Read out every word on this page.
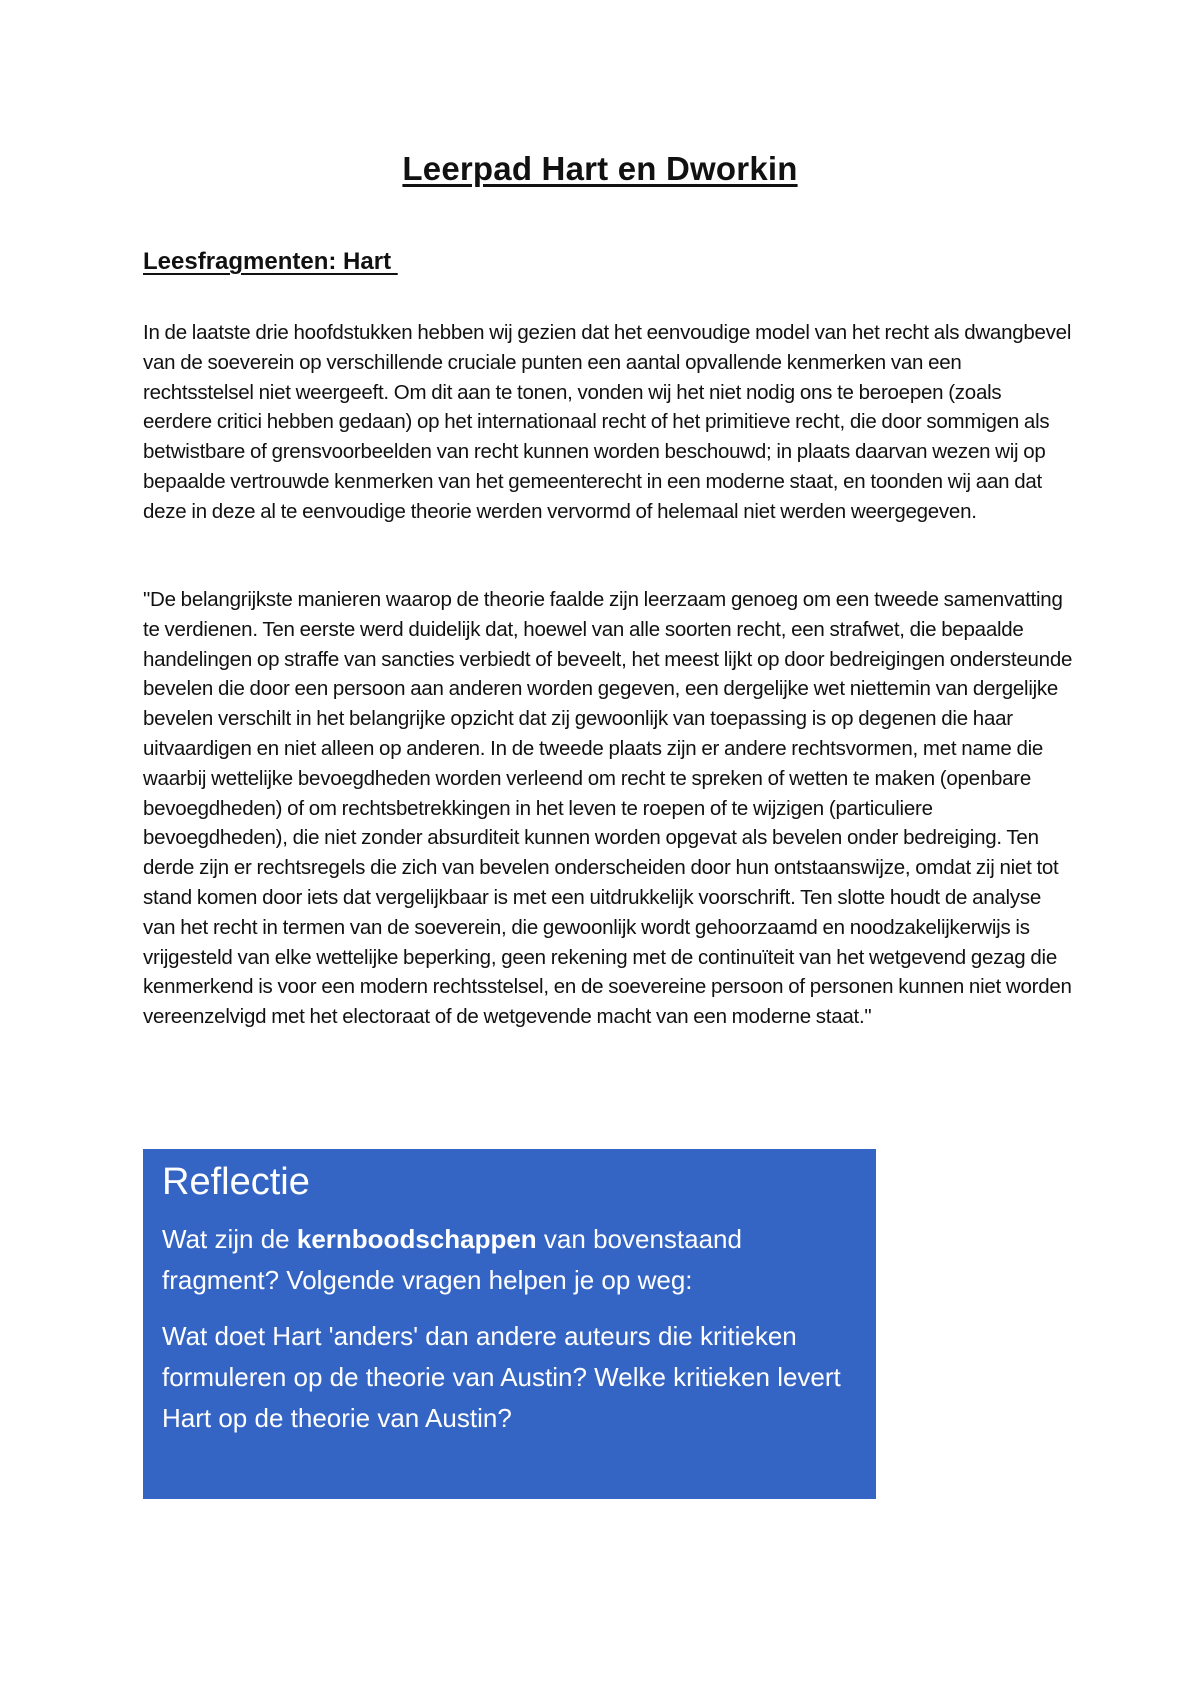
Leerpad Hart en Dworkin
Leesfragmenten: Hart

In de laatste drie hoofdstukken hebben wij gezien dat het eenvoudige model van het recht als dwangbevel van de soeverein op verschillende cruciale punten een aantal opvallende kenmerken van een rechtsstelsel niet weergeeft. Om dit aan te tonen, vonden wij het niet nodig ons te beroepen (zoals eerdere critici hebben gedaan) op het internationaal recht of het primitieve recht, die door sommigen als betwistbare of grensvoorbeelden van recht kunnen worden beschouwd; in plaats daarvan wezen wij op bepaalde vertrouwde kenmerken van het gemeenterecht in een moderne staat, en toonden wij aan dat deze in deze al te eenvoudige theorie werden vervormd of helemaal niet werden weergegeven.

"De belangrijkste manieren waarop de theorie faalde zijn leerzaam genoeg om een tweede samenvatting te verdienen. Ten eerste werd duidelijk dat, hoewel van alle soorten recht, een strafwet, die bepaalde handelingen op straffe van sancties verbiedt of beveelt, het meest lijkt op door bedreigingen ondersteunde bevelen die door een persoon aan anderen worden gegeven, een dergelijke wet niettemin van dergelijke bevelen verschilt in het belangrijke opzicht dat zij gewoonlijk van toepassing is op degenen die haar uitvaardigen en niet alleen op anderen. In de tweede plaats zijn er andere rechtsvormen, met name die waarbij wettelijke bevoegdheden worden verleend om recht te spreken of wetten te maken (openbare bevoegdheden) of om rechtsbetrekkingen in het leven te roepen of te wijzigen (particuliere bevoegdheden), die niet zonder absurditeit kunnen worden opgevat als bevelen onder bedreiging. Ten derde zijn er rechtsregels die zich van bevelen onderscheiden door hun ontstaanswijze, omdat zij niet tot stand komen door iets dat vergelijkbaar is met een uitdrukkelijk voorschrift. Ten slotte houdt de analyse van het recht in termen van de soeverein, die gewoonlijk wordt gehoorzaamd en noodzakelijkerwijs is vrijgesteld van elke wettelijke beperking, geen rekening met de continuïteit van het wetgevend gezag die kenmerkend is voor een modern rechtsstelsel, en de soevereine persoon of personen kunnen niet worden vereenzelvigd met het electoraat of de wetgevende macht van een moderne staat."

Reflectie

Wat zijn de kernboodschappen van bovenstaand fragment? Volgende vragen helpen je op weg:

Wat doet Hart 'anders' dan andere auteurs die kritieken formuleren op de theorie van Austin? Welke kritieken levert Hart op de theorie van Austin?
